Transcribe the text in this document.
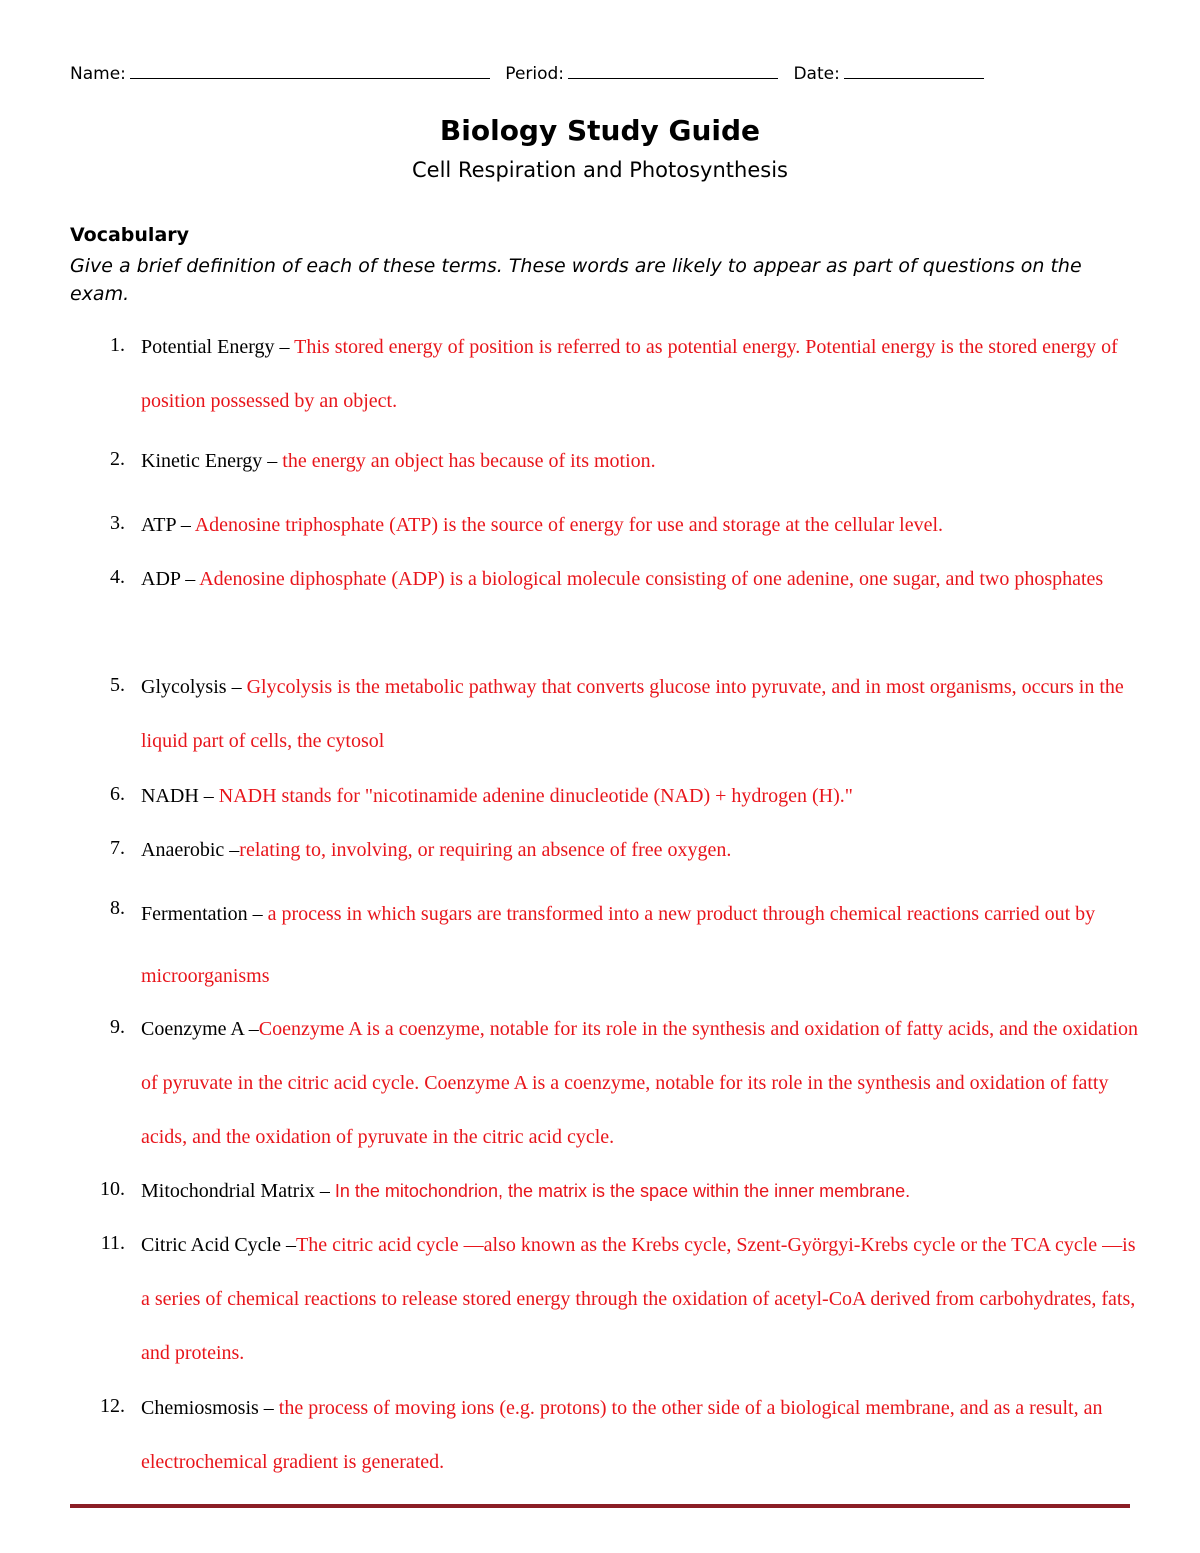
Name:	Period:	Date:
Biology Study Guide
Cell Respiration and Photosynthesis
Vocabulary
Give a brief definition of each of these terms. These words are likely to appear as part of questions on the exam.
1. Potential Energy – This stored energy of position is referred to as potential energy. Potential energy is the stored energy of position possessed by an object.
2. Kinetic Energy – the energy an object has because of its motion.
3. ATP – Adenosine triphosphate (ATP) is the source of energy for use and storage at the cellular level.
4. ADP – Adenosine diphosphate (ADP) is a biological molecule consisting of one adenine, one sugar, and two phosphates
5. Glycolysis – Glycolysis is the metabolic pathway that converts glucose into pyruvate, and in most organisms, occurs in the liquid part of cells, the cytosol
6. NADH – NADH stands for "nicotinamide adenine dinucleotide (NAD) + hydrogen (H)."
7. Anaerobic –relating to, involving, or requiring an absence of free oxygen.
8. Fermentation – a process in which sugars are transformed into a new product through chemical reactions carried out by microorganisms
9. Coenzyme A –Coenzyme A is a coenzyme, notable for its role in the synthesis and oxidation of fatty acids, and the oxidation of pyruvate in the citric acid cycle. Coenzyme A is a coenzyme, notable for its role in the synthesis and oxidation of fatty acids, and the oxidation of pyruvate in the citric acid cycle.
10. Mitochondrial Matrix – In the mitochondrion, the matrix is the space within the inner membrane.
11. Citric Acid Cycle –The citric acid cycle —also known as the Krebs cycle, Szent-Györgyi-Krebs cycle or the TCA cycle —is a series of chemical reactions to release stored energy through the oxidation of acetyl-CoA derived from carbohydrates, fats, and proteins.
12. Chemiosmosis – the process of moving ions (e.g. protons) to the other side of a biological membrane, and as a result, an electrochemical gradient is generated.
